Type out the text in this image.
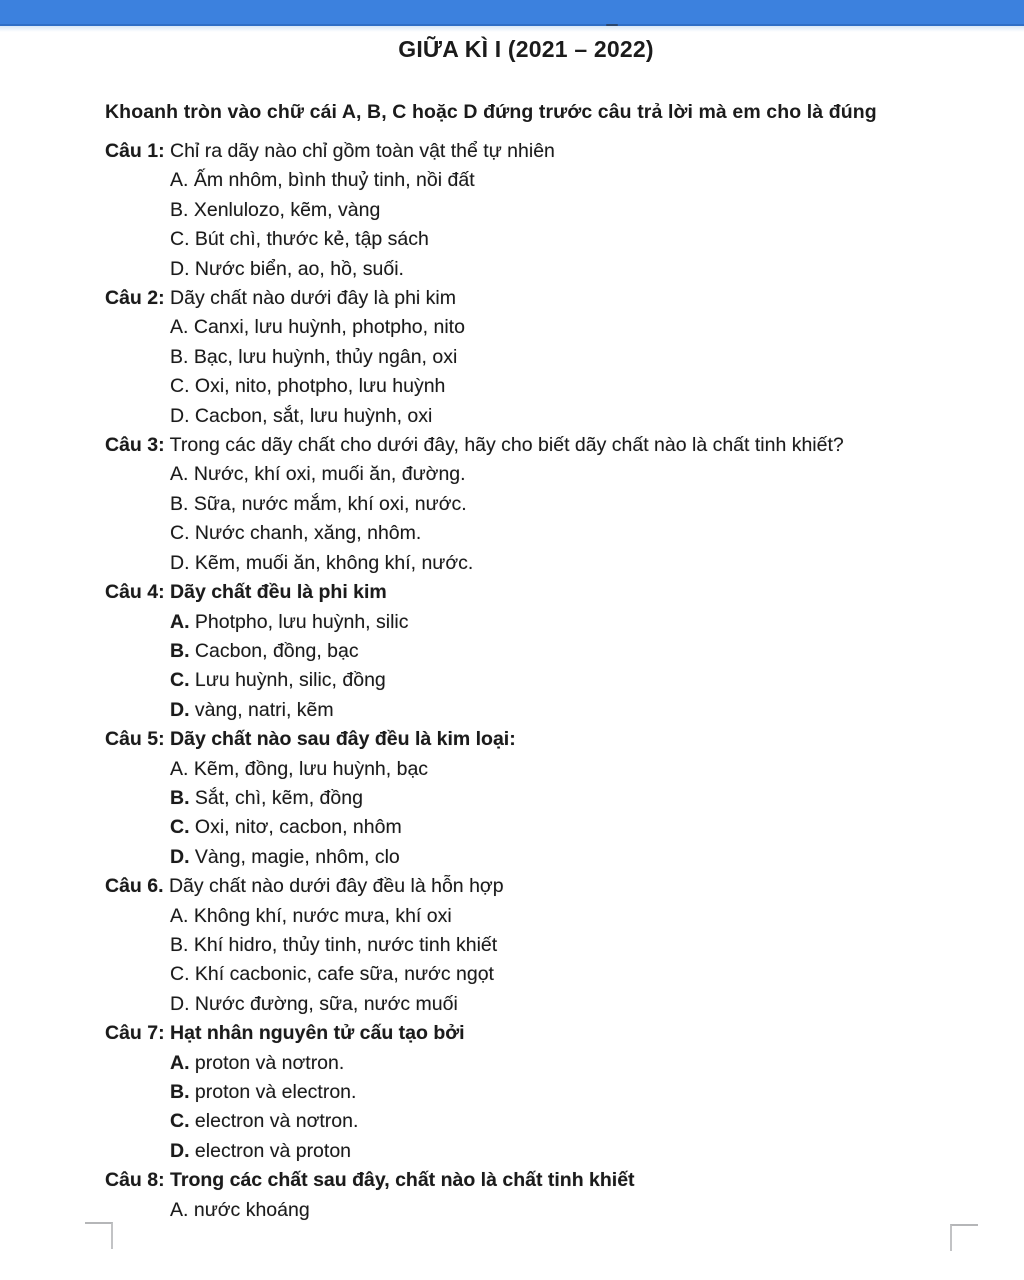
GIỮA KÌ I (2021 – 2022)

Khoanh tròn vào chữ cái A, B, C hoặc D đứng trước câu trả lời mà em cho là đúng

Câu 1: Chỉ ra dãy nào chỉ gồm toàn vật thể tự nhiên
A. Ấm nhôm, bình thuỷ tinh, nồi đất
B. Xenlulozo, kẽm, vàng
C. Bút chì, thước kẻ, tập sách
D. Nước biển, ao, hồ, suối.
Câu 2: Dãy chất nào dưới đây là phi kim
A. Canxi, lưu huỳnh, photpho, nito
B. Bạc, lưu huỳnh, thủy ngân, oxi
C. Oxi, nito, photpho, lưu huỳnh
D. Cacbon, sắt, lưu huỳnh, oxi
Câu 3: Trong các dãy chất cho dưới đây, hãy cho biết dãy chất nào là chất tinh khiết?
A. Nước, khí oxi, muối ăn, đường.
B. Sữa, nước mắm, khí oxi, nước.
C. Nước chanh, xăng, nhôm.
D. Kẽm, muối ăn, không khí, nước.
Câu 4: Dãy chất đều là phi kim
A. Photpho, lưu huỳnh, silic
B. Cacbon, đồng, bạc
C. Lưu huỳnh, silic, đồng
D. vàng, natri, kẽm
Câu 5: Dãy chất nào sau đây đều là kim loại:
A. Kẽm, đồng, lưu huỳnh, bạc
B. Sắt, chì, kẽm, đồng
C. Oxi, nitơ, cacbon, nhôm
D. Vàng, magie, nhôm, clo
Câu 6. Dãy chất nào dưới đây đều là hỗn hợp
A. Không khí, nước mưa, khí oxi
B. Khí hidro, thủy tinh, nước tinh khiết
C. Khí cacbonic, cafe sữa, nước ngọt
D. Nước đường, sữa, nước muối
Câu 7: Hạt nhân nguyên tử cấu tạo bởi
A. proton và nơtron.
B. proton và electron.
C. electron và nơtron.
D. electron và proton
Câu 8: Trong các chất sau đây, chất nào là chất tinh khiết
A. nước khoáng
